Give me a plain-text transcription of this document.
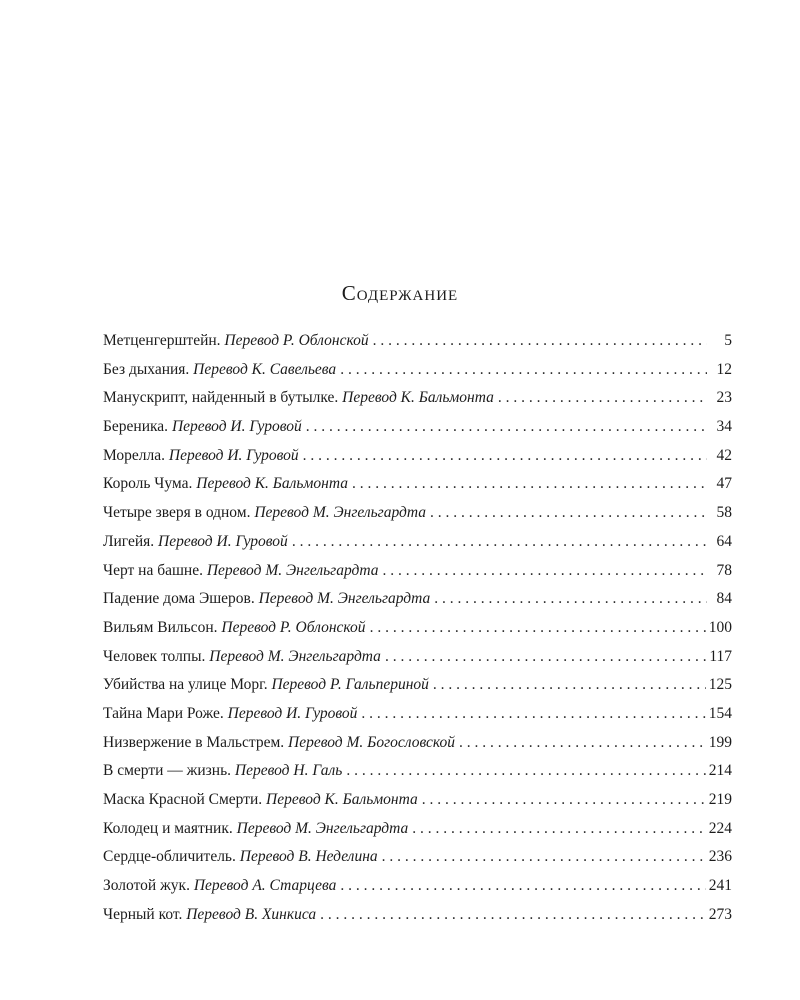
Содержание
Метценгерштейн. Перевод Р. Облонской . . .	5
Без дыхания. Перевод К. Савельева . . .	12
Манускрипт, найденный в бутылке. Перевод К. Бальмонта . . .	23
Береника. Перевод И. Гуровой . . .	34
Морелла. Перевод И. Гуровой . . .	42
Король Чума. Перевод К. Бальмонта . . .	47
Четыре зверя в одном. Перевод М. Энгельгардта . . .	58
Лигейя. Перевод И. Гуровой . . .	64
Черт на башне. Перевод М. Энгельгардта . . .	78
Падение дома Эшеров. Перевод М. Энгельгардта . . .	84
Вильям Вильсон. Перевод Р. Облонской . . .	100
Человек толпы. Перевод М. Энгельгардта . . .	117
Убийства на улице Морг. Перевод Р. Гальпериной . . .	125
Тайна Мари Роже. Перевод И. Гуровой . . .	154
Низвержение в Мальстрем. Перевод М. Богословской . . .	199
В смерти — жизнь. Перевод Н. Галь . . .	214
Маска Красной Смерти. Перевод К. Бальмонта . . .	219
Колодец и маятник. Перевод М. Энгельгардта . . .	224
Сердце-обличитель. Перевод В. Неделина . . .	236
Золотой жук. Перевод А. Старцева . . .	241
Черный кот. Перевод В. Хинкиса . . .	273
